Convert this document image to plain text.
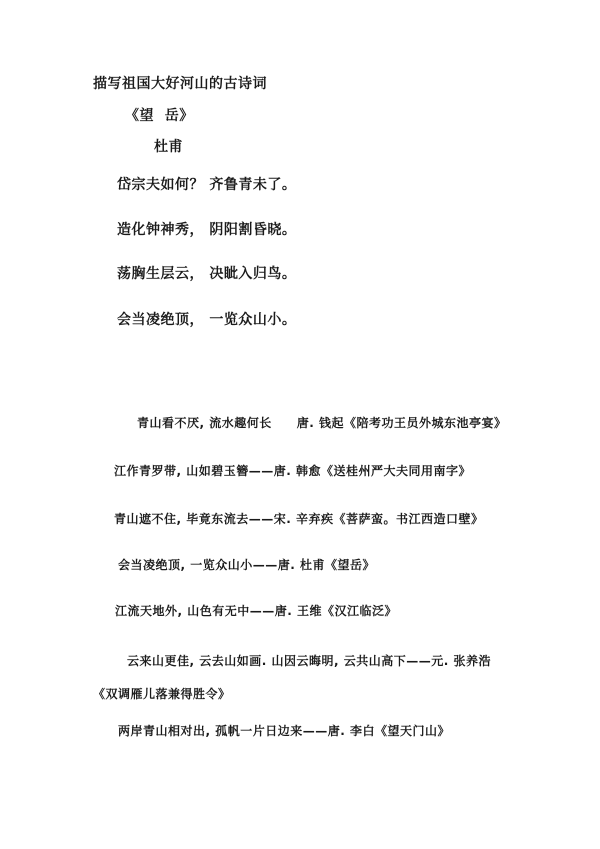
描写祖国大好河山的古诗词
《望  岳》
杜甫
岱宗夫如何？ 齐鲁青未了。
造化钟神秀， 阴阳割昏晓。
荡胸生层云， 决眦入归鸟。
会当凌绝顶， 一览众山小。
青山看不厌, 流水趣何长　　唐. 钱起《陪考功王员外城东池亭宴》
江作青罗带, 山如碧玉簪——唐. 韩愈《送桂州严大夫同用南字》
青山遮不住, 毕竟东流去——宋. 辛弃疾《菩萨蛮。书江西造口壁》
会当凌绝顶, 一览众山小——唐. 杜甫《望岳》
江流天地外, 山色有无中——唐. 王维《汉江临泛》
云来山更佳, 云去山如画. 山因云晦明, 云共山高下——元. 张养浩《双调雁儿落兼得胜令》
两岸青山相对出, 孤帆一片日边来——唐. 李白《望天门山》
